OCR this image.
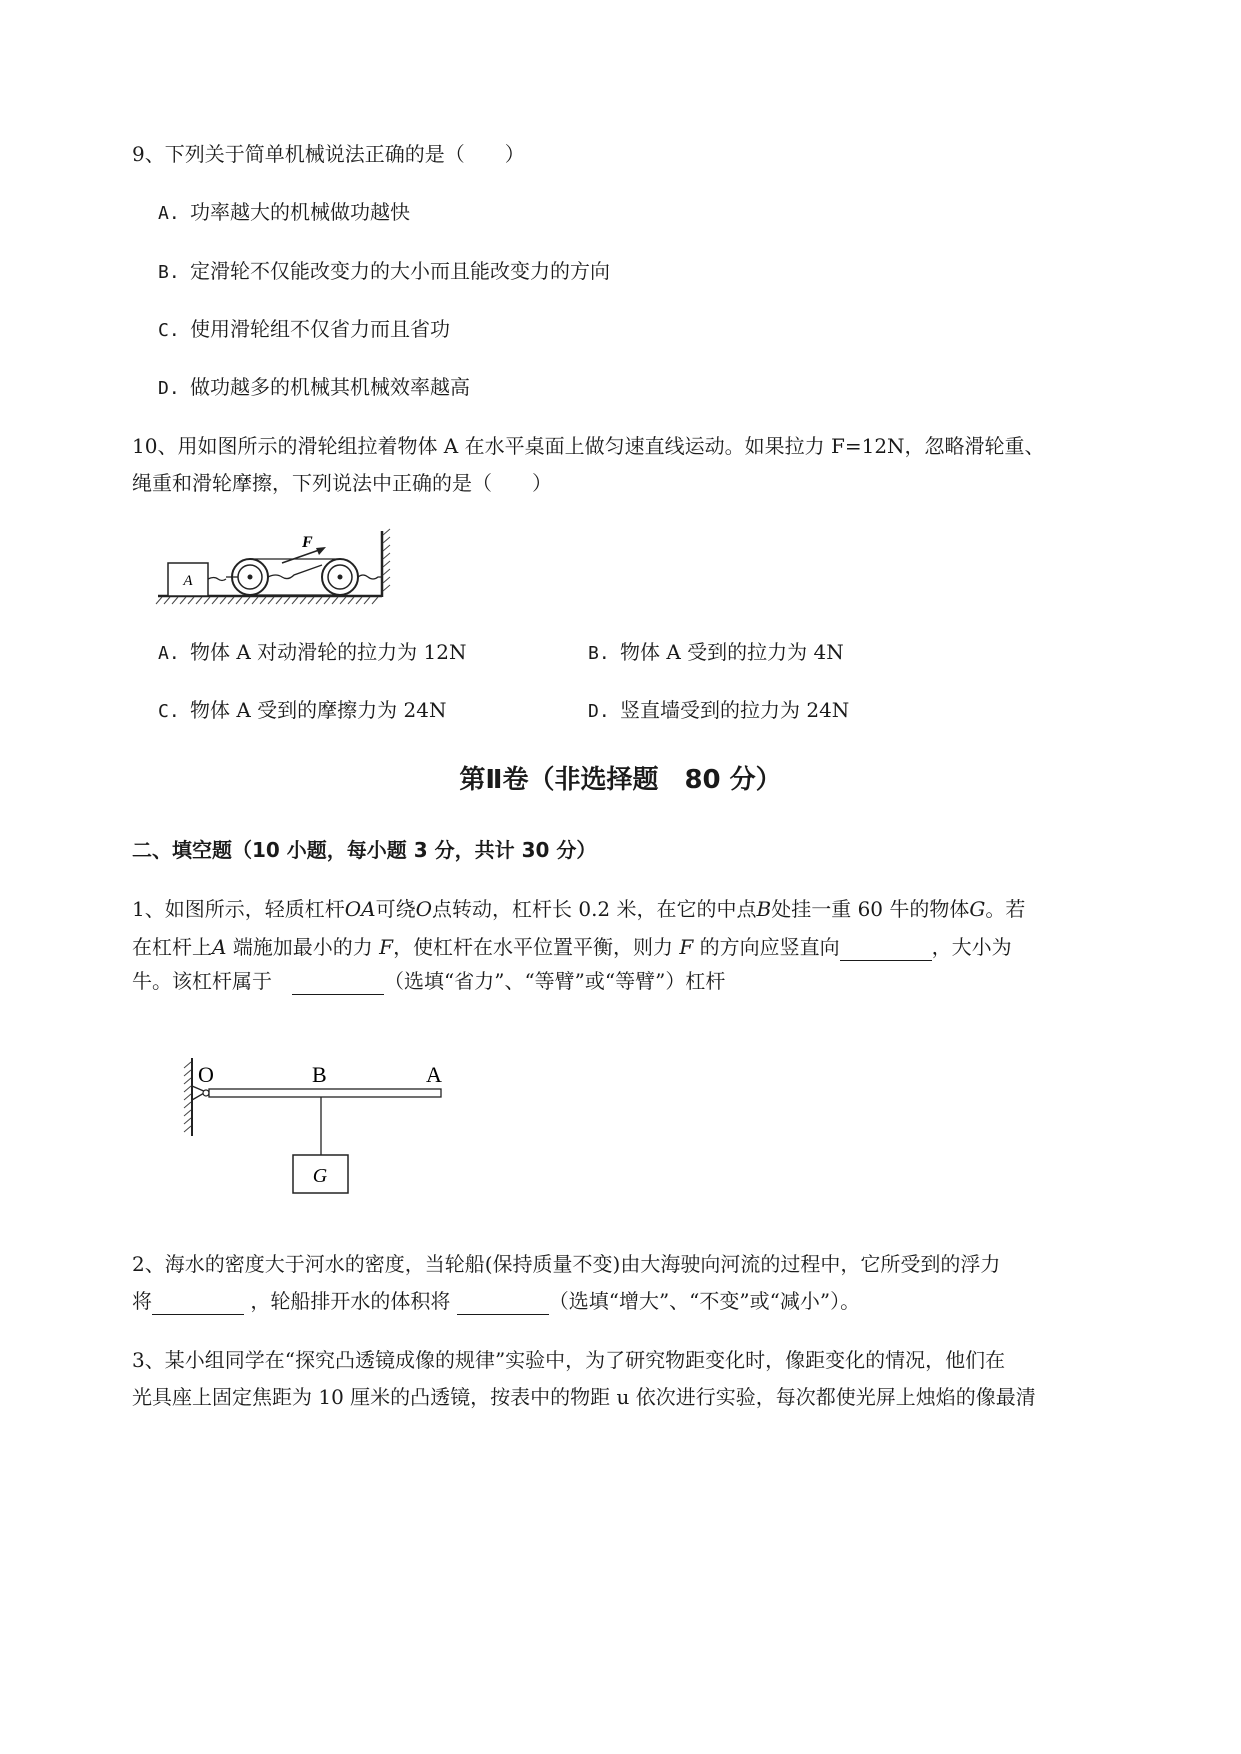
9、下列关于简单机械说法正确的是（　　）
A. 功率越大的机械做功越快
B. 定滑轮不仅能改变力的大小而且能改变力的方向
C. 使用滑轮组不仅省力而且省功
D. 做功越多的机械其机械效率越高
10、用如图所示的滑轮组拉着物体 A 在水平桌面上做匀速直线运动。如果拉力 F=12N，忽略滑轮重、
绳重和滑轮摩擦，下列说法中正确的是（　　）
A
F
A. 物体 A 对动滑轮的拉力为 12N	B. 物体 A 受到的拉力为 4N
C. 物体 A 受到的摩擦力为 24N	D. 竖直墙受到的拉力为 24N
第Ⅱ卷（非选择题　80 分）
二、填空题（10 小题，每小题 3 分，共计 30 分）
1、如图所示，轻质杠杆OA可绕O点转动，杠杆长 0.2 米，在它的中点B处挂一重 60 牛的物体G。若
在杠杆上A 端施加最小的力 F，使杠杆在水平位置平衡，则力 F 的方向应竖直向	，大小为
牛。该杠杆属于　	（选填“省力”、“等臂”或“等臂”）杠杆
G
O	B	A
2、海水的密度大于河水的密度，当轮船(保持质量不变)由大海驶向河流的过程中，它所受到的浮力
将	，轮船排开水的体积将	（选填“增大”、“不变”或“减小”）。
3、某小组同学在“探究凸透镜成像的规律”实验中，为了研究物距变化时，像距变化的情况，他们在
光具座上固定焦距为 10 厘米的凸透镜，按表中的物距 u 依次进行实验，每次都使光屏上烛焰的像最清
